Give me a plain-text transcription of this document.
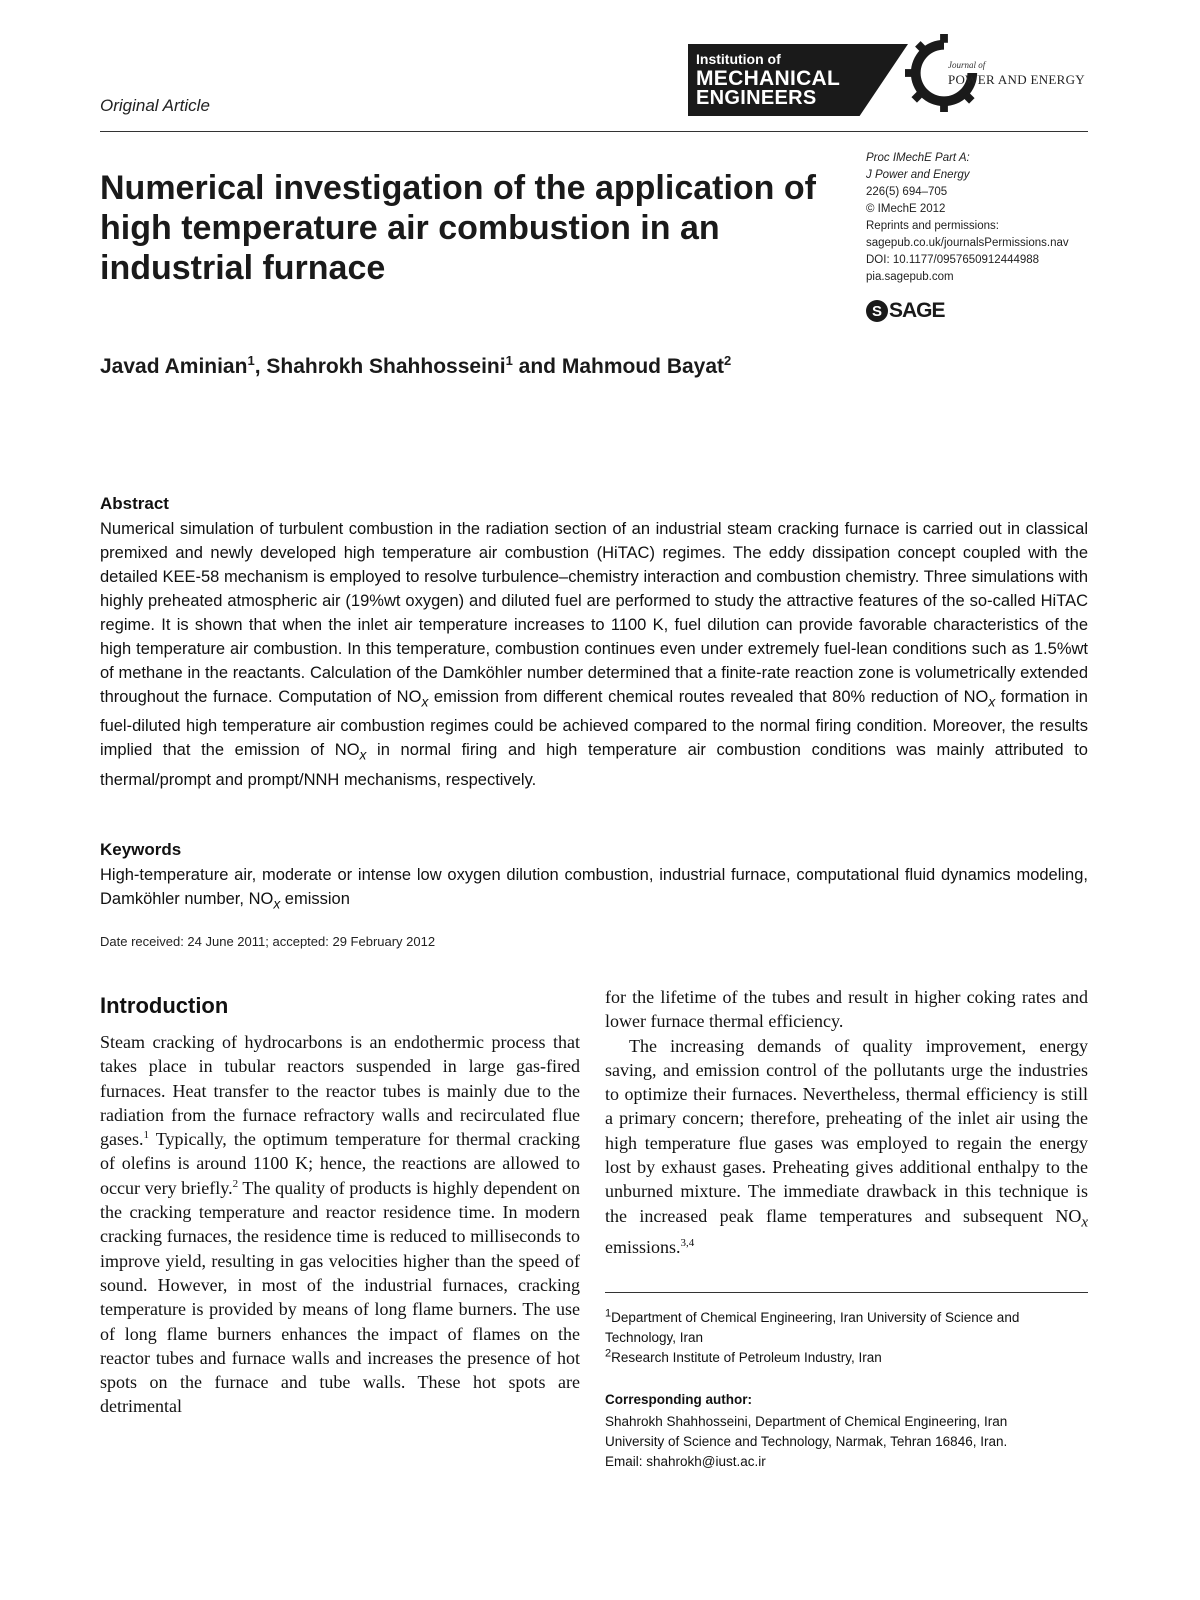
Original Article
Institution of
MECHANICAL
ENGINEERS
Journal of
POWER AND ENERGY
Numerical investigation of the application of high temperature air combustion in an industrial furnace
Proc IMechE Part A:
J Power and Energy
226(5) 694–705
© IMechE 2012
Reprints and permissions:
sagepub.co.uk/journalsPermissions.nav
DOI: 10.1177/0957650912444988
pia.sagepub.com
S SAGE
Javad Aminian$^1$, Shahrokh Shahhosseini$^1$ and Mahmoud Bayat$^2$
Abstract
Numerical simulation of turbulent combustion in the radiation section of an industrial steam cracking furnace is carried out in classical premixed and newly developed high temperature air combustion (HiTAC) regimes. The eddy dissipation concept coupled with the detailed KEE-58 mechanism is employed to resolve turbulence–chemistry interaction and combustion chemistry. Three simulations with highly preheated atmospheric air (19%wt oxygen) and diluted fuel are performed to study the attractive features of the so-called HiTAC regime. It is shown that when the inlet air temperature increases to 1100 K, fuel dilution can provide favorable characteristics of the high temperature air combustion. In this temperature, combustion continues even under extremely fuel-lean conditions such as 1.5%wt of methane in the reactants. Calculation of the Damköhler number determined that a finite-rate reaction zone is volumetrically extended throughout the furnace. Computation of $NO_x$ emission from different chemical routes revealed that 80% reduction of $NO_x$ formation in fuel-diluted high temperature air combustion regimes could be achieved compared to the normal firing condition. Moreover, the results implied that the emission of $NO_x$ in normal firing and high temperature air combustion conditions was mainly attributed to thermal/prompt and prompt/NNH mechanisms, respectively.
Keywords
High-temperature air, moderate or intense low oxygen dilution combustion, industrial furnace, computational fluid dynamics modeling, Damköhler number, $NO_x$ emission
Date received: 24 June 2011; accepted: 29 February 2012
Introduction

Steam cracking of hydrocarbons is an endothermic process that takes place in tubular reactors suspended in large gas-fired furnaces. Heat transfer to the reactor tubes is mainly due to the radiation from the furnace refractory walls and recirculated flue gases.$^1$ Typically, the optimum temperature for thermal cracking of olefins is around 1100 K; hence, the reactions are allowed to occur very briefly.$^2$ The quality of products is highly dependent on the cracking temperature and reactor residence time. In modern cracking furnaces, the residence time is reduced to milliseconds to improve yield, resulting in gas velocities higher than the speed of sound. However, in most of the industrial furnaces, cracking temperature is provided by means of long flame burners. The use of long flame burners enhances the impact of flames on the reactor tubes and furnace walls and increases the presence of hot spots on the furnace and tube walls. These hot spots are detrimental

for the lifetime of the tubes and result in higher coking rates and lower furnace thermal efficiency.

The increasing demands of quality improvement, energy saving, and emission control of the pollutants urge the industries to optimize their furnaces. Nevertheless, thermal efficiency is still a primary concern; therefore, preheating of the inlet air using the high temperature flue gases was employed to regain the energy lost by exhaust gases. Preheating gives additional enthalpy to the unburned mixture. The immediate drawback in this technique is the increased peak flame temperatures and subsequent $NO_x$ emissions.$^{3,4}$

$^1$Department of Chemical Engineering, Iran University of Science and Technology, Iran
$^2$Research Institute of Petroleum Industry, Iran
Corresponding author:
Shahrokh Shahhosseini, Department of Chemical Engineering, Iran
University of Science and Technology, Narmak, Tehran 16846, Iran.
Email: shahrokh@iust.ac.ir
